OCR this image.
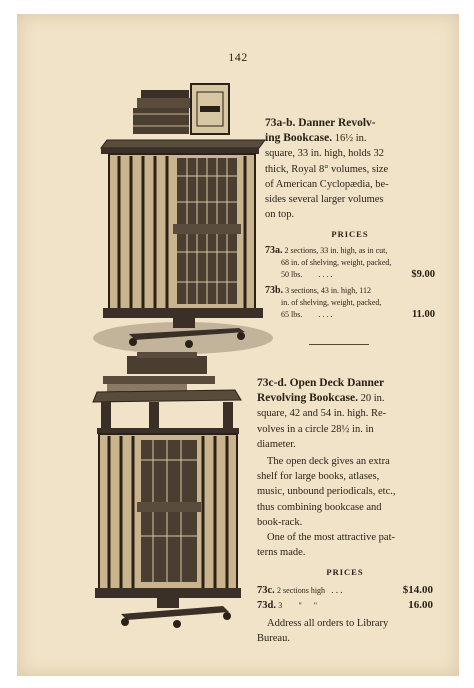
142
73a-b. Danner Revolv-
ing Bookcase. 16½ in.
square, 33 in. high, holds 32
thick, Royal 8° volumes, size
of American Cyclopædia, be-
sides several larger volumes
on top.
PRICES
73a. 2 sections, 33 in. high, as in cut,
68 in. of shelving, weight, packed,
50 lbs. . . . .	$9.00
73b. 3 sections, 43 in. high, 112
in. of shelving, weight, packed,
65 lbs. . . . .	11.00
73c-d. Open Deck Danner
Revolving Bookcase. 20 in.
square, 42 and 54 in. high. Re-
volves in a circle 28½ in. in
diameter.
The open deck gives an extra
shelf for large books, atlases,
music, unbound periodicals, etc.,
thus combining bookcase and
book-rack.
One of the most attractive pat-
terns made.
PRICES
73c. 2 sections high . . .	$14.00
73d. 3 "      "	16.00
Address all orders to Library
Bureau.
